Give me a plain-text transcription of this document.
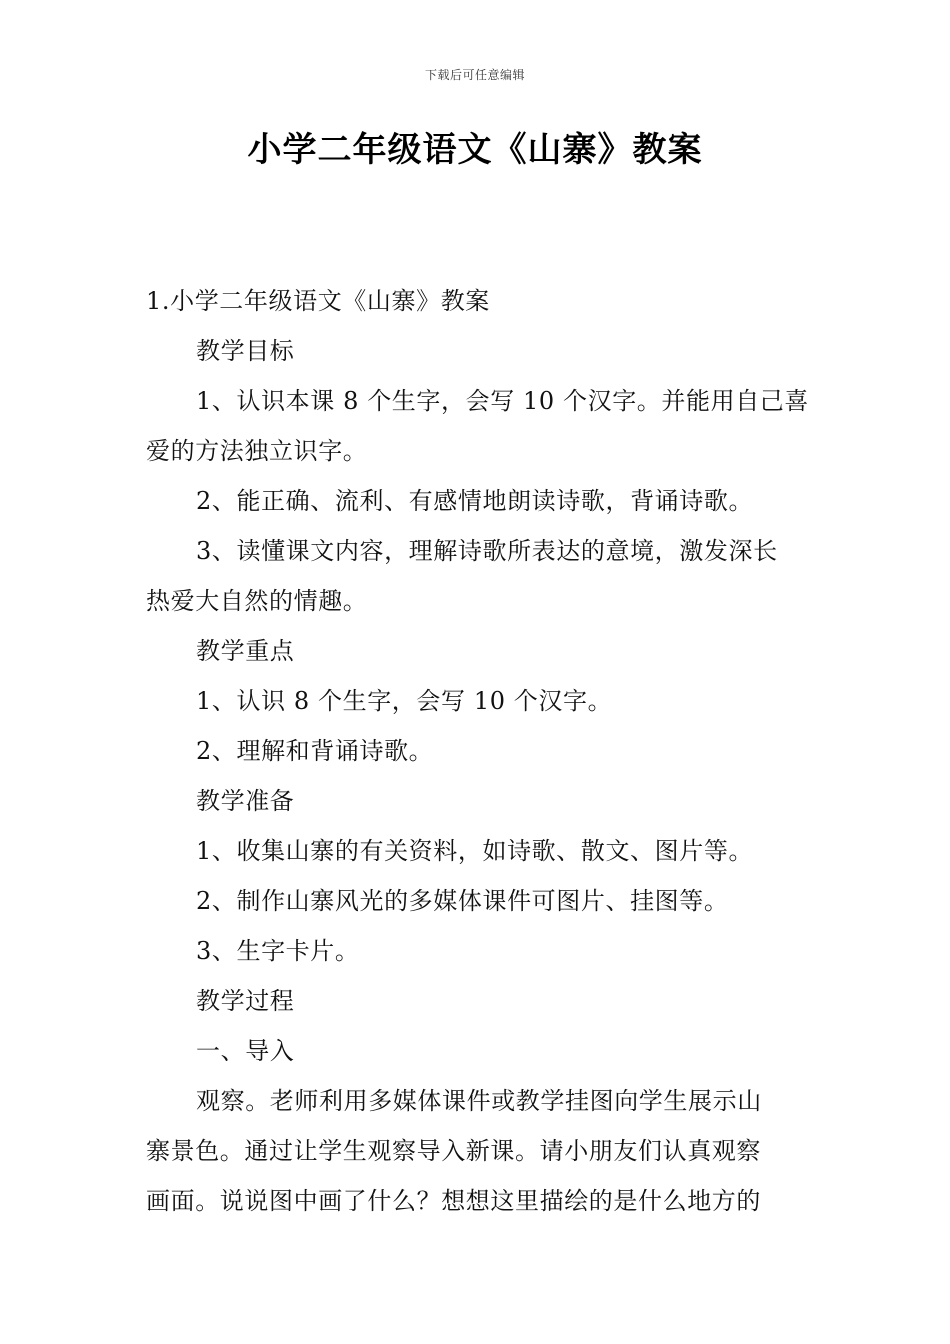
下载后可任意编辑
小学二年级语文《山寨》教案
1.小学二年级语文《山寨》教案
教学目标
1、认识本课 8 个生字，会写 10 个汉字。并能用自己喜
爱的方法独立识字。
2、能正确、流利、有感情地朗读诗歌，背诵诗歌。
3、读懂课文内容，理解诗歌所表达的意境，激发深长
热爱大自然的情趣。
教学重点
1、认识 8 个生字，会写 10 个汉字。
2、理解和背诵诗歌。
教学准备
1、收集山寨的有关资料，如诗歌、散文、图片等。
2、制作山寨风光的多媒体课件可图片、挂图等。
3、生字卡片。
教学过程
一、导入
观察。老师利用多媒体课件或教学挂图向学生展示山
寨景色。通过让学生观察导入新课。请小朋友们认真观察
画面。说说图中画了什么？想想这里描绘的是什么地方的
